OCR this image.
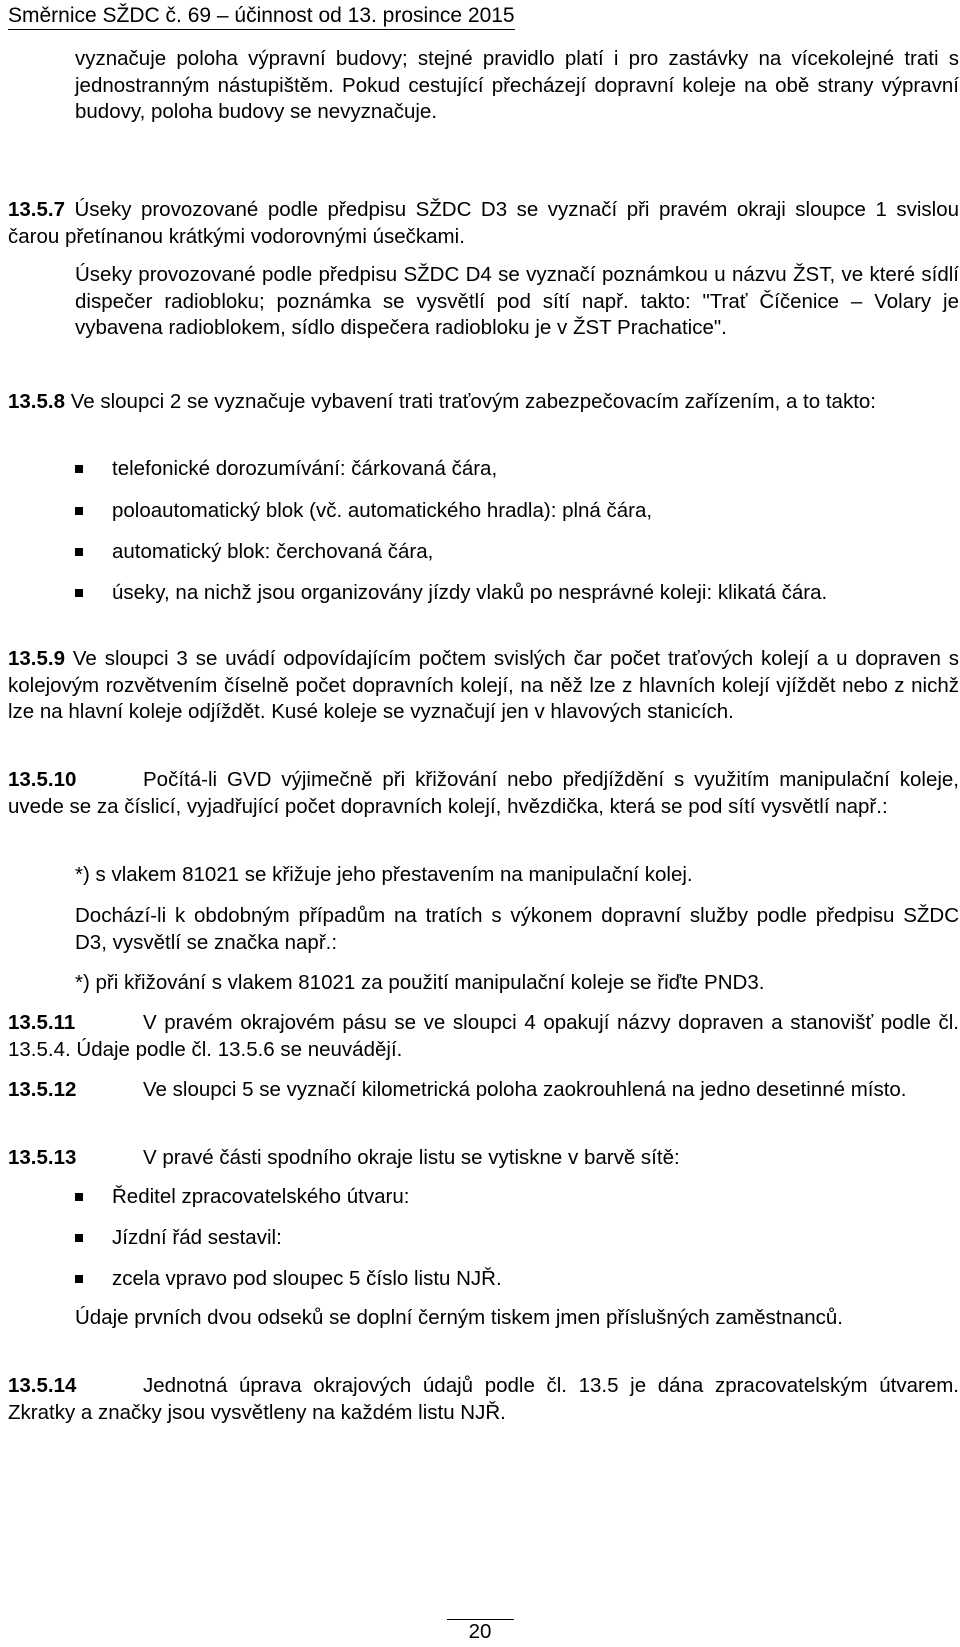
Směrnice SŽDC č. 69 – účinnost od 13. prosince 2015
vyznačuje poloha výpravní budovy; stejné pravidlo platí i pro zastávky na vícekolejné trati s jednostranným nástupištěm. Pokud cestující přecházejí dopravní koleje na obě strany výpravní budovy, poloha budovy se nevyznačuje.
13.5.7 Úseky provozované podle předpisu SŽDC D3 se vyznačí při pravém okraji sloupce 1 svislou čarou přetínanou krátkými vodorovnými úsečkami.
Úseky provozované podle předpisu SŽDC D4 se vyznačí poznámkou u názvu ŽST, ve které sídlí dispečer radiobloku; poznámka se vysvětlí pod sítí např. takto: "Trať Číčenice – Volary je vybavena radioblokem, sídlo dispečera radiobloku je v ŽST Prachatice".
13.5.8 Ve sloupci 2 se vyznačuje vybavení trati traťovým zabezpečovacím zařízením, a to takto:
telefonické dorozumívání: čárkovaná čára,
poloautomatický blok (vč. automatického hradla): plná čára,
automatický blok: čerchovaná čára,
úseky, na nichž jsou organizovány jízdy vlaků po nesprávné koleji: klikatá čára.
13.5.9 Ve sloupci 3 se uvádí odpovídajícím počtem svislých čar počet traťových kolejí a u dopraven s kolejovým rozvětvením číselně počet dopravních kolejí, na něž lze z hlavních kolejí vjíždět nebo z nichž lze na hlavní koleje odjíždět. Kusé koleje se vyznačují jen v hlavových stanicích.
13.5.10	Počítá-li GVD výjimečně při křižování nebo předjíždění s využitím manipulační koleje, uvede se za číslicí, vyjadřující počet dopravních kolejí, hvězdička, která se pod sítí vysvětlí např.:
*) s vlakem 81021 se křižuje jeho přestavením na manipulační kolej.
Dochází-li k obdobným případům na tratích s výkonem dopravní služby podle předpisu SŽDC D3, vysvětlí se značka např.:
*) při křižování s vlakem 81021 za použití manipulační koleje se řiďte PND3.
13.5.11	V pravém okrajovém pásu se ve sloupci 4 opakují názvy dopraven a stanovišť podle čl. 13.5.4. Údaje podle čl. 13.5.6 se neuvádějí.
13.5.12	Ve sloupci 5 se vyznačí kilometrická poloha zaokrouhlená na jedno desetinné místo.
13.5.13	V pravé části spodního okraje listu se vytiskne v barvě sítě:
Ředitel zpracovatelského útvaru:
Jízdní řád sestavil:
zcela vpravo pod sloupec 5 číslo listu NJŘ.
Údaje prvních dvou odseků se doplní černým tiskem jmen příslušných zaměstnanců.
13.5.14	Jednotná úprava okrajových údajů podle čl. 13.5 je dána zpracovatelským útvarem. Zkratky a značky jsou vysvětleny na každém listu NJŘ.
20
